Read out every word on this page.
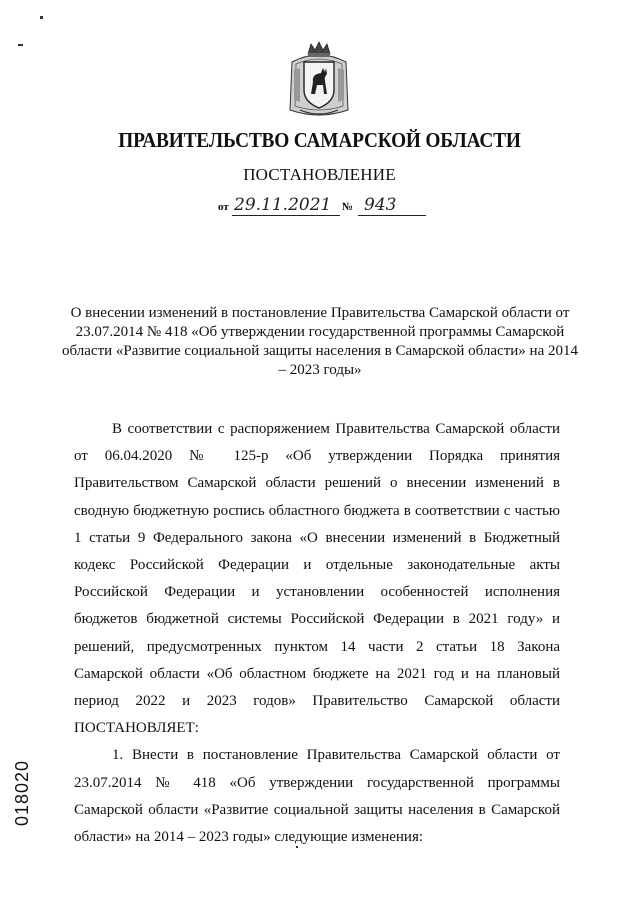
ПРАВИТЕЛЬСТВО САМАРСКОЙ ОБЛАСТИ
ПОСТАНОВЛЕНИЕ
от 29.11.2021 № 943
О внесении изменений в постановление Правительства Самарской области от 23.07.2014 № 418 «Об утверждении государственной программы Самарской области «Развитие социальной защиты населения в Самарской области» на 2014 – 2023 годы»

В соответствии с распоряжением Правительства Самарской области от 06.04.2020 № 125-р «Об утверждении Порядка принятия Правительством Самарской области решений о внесении изменений в сводную бюджетную роспись областного бюджета в соответствии с частью 1 статьи 9 Федерального закона «О внесении изменений в Бюджетный кодекс Российской Федерации и отдельные законодательные акты Российской Федерации и установлении особенностей исполнения бюджетов бюджетной системы Российской Федерации в 2021 году» и решений, предусмотренных пунктом 14 части 2 статьи 18 Закона Самарской области «Об областном бюджете на 2021 год и на плановый период 2022 и 2023 годов» Правительство Самарской области ПОСТАНОВЛЯЕТ:

1. Внести в постановление Правительства Самарской области от 23.07.2014 № 418 «Об утверждении государственной программы Самарской области «Развитие социальной защиты населения в Самарской области» на 2014 – 2023 годы» следующие изменения:

018020
